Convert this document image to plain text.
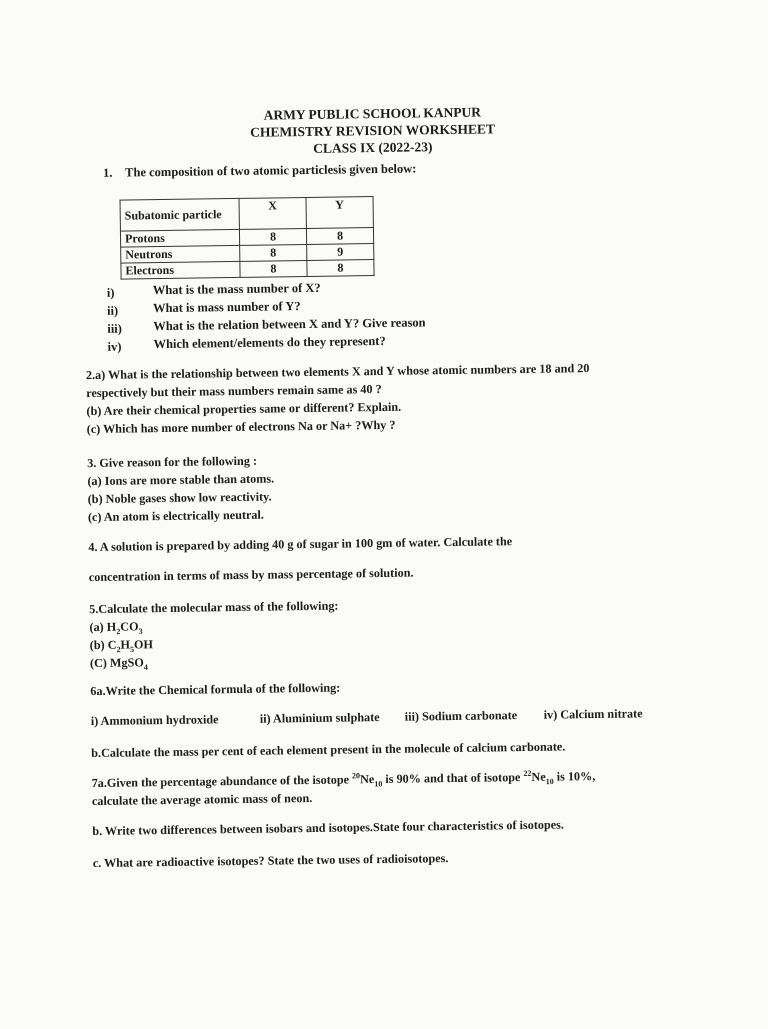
ARMY PUBLIC SCHOOL KANPUR
CHEMISTRY REVISION WORKSHEET
CLASS IX (2022-23)
1. The composition of two atomic particlesis given below:
Subatomic particle	X	Y
Protons	8	8
Neutrons	8	9
Electrons	8	8
i)	What is the mass number of X?
ii)	What is mass number of Y?
iii) What is the relation between X and Y? Give reason
iv)	Which element/elements do they represent?
2.a) What is the relationship between two elements X and Y whose atomic numbers are 18 and 20
respectively but their mass numbers remain same as 40 ?
(b) Are their chemical properties same or different? Explain.
(c) Which has more number of electrons Na or Na+ ?Why ?
3. Give reason for the following :
(a) Ions are more stable than atoms.
(b) Noble gases show low reactivity.
(c) An atom is electrically neutral.
4. A solution is prepared by adding 40 g of sugar in 100 gm of water. Calculate the
concentration in terms of mass by mass percentage of solution.
5.Calculate the molecular mass of the following:
(a) $H_2CO_3$
(b) $C_2H_5OH$
(C) MgSO$_4$
6a.Write the Chemical formula of the following:
i) Ammonium hydroxide	ii) Aluminium sulphate iii) Sodium carbonate iv) Calcium nitrate
b.Calculate the mass per cent of each element present in the molecule of calcium carbonate.
7a.Given the percentage abundance of the isotope $^{20}Ne_{10}$ is 90% and that of isotope $^{22}Ne_{10}$ is 10%,
calculate the average atomic mass of neon.
b. Write two differences between isobars and isotopes.State four characteristics of isotopes.
c. What are radioactive isotopes? State the two uses of radioisotopes.
